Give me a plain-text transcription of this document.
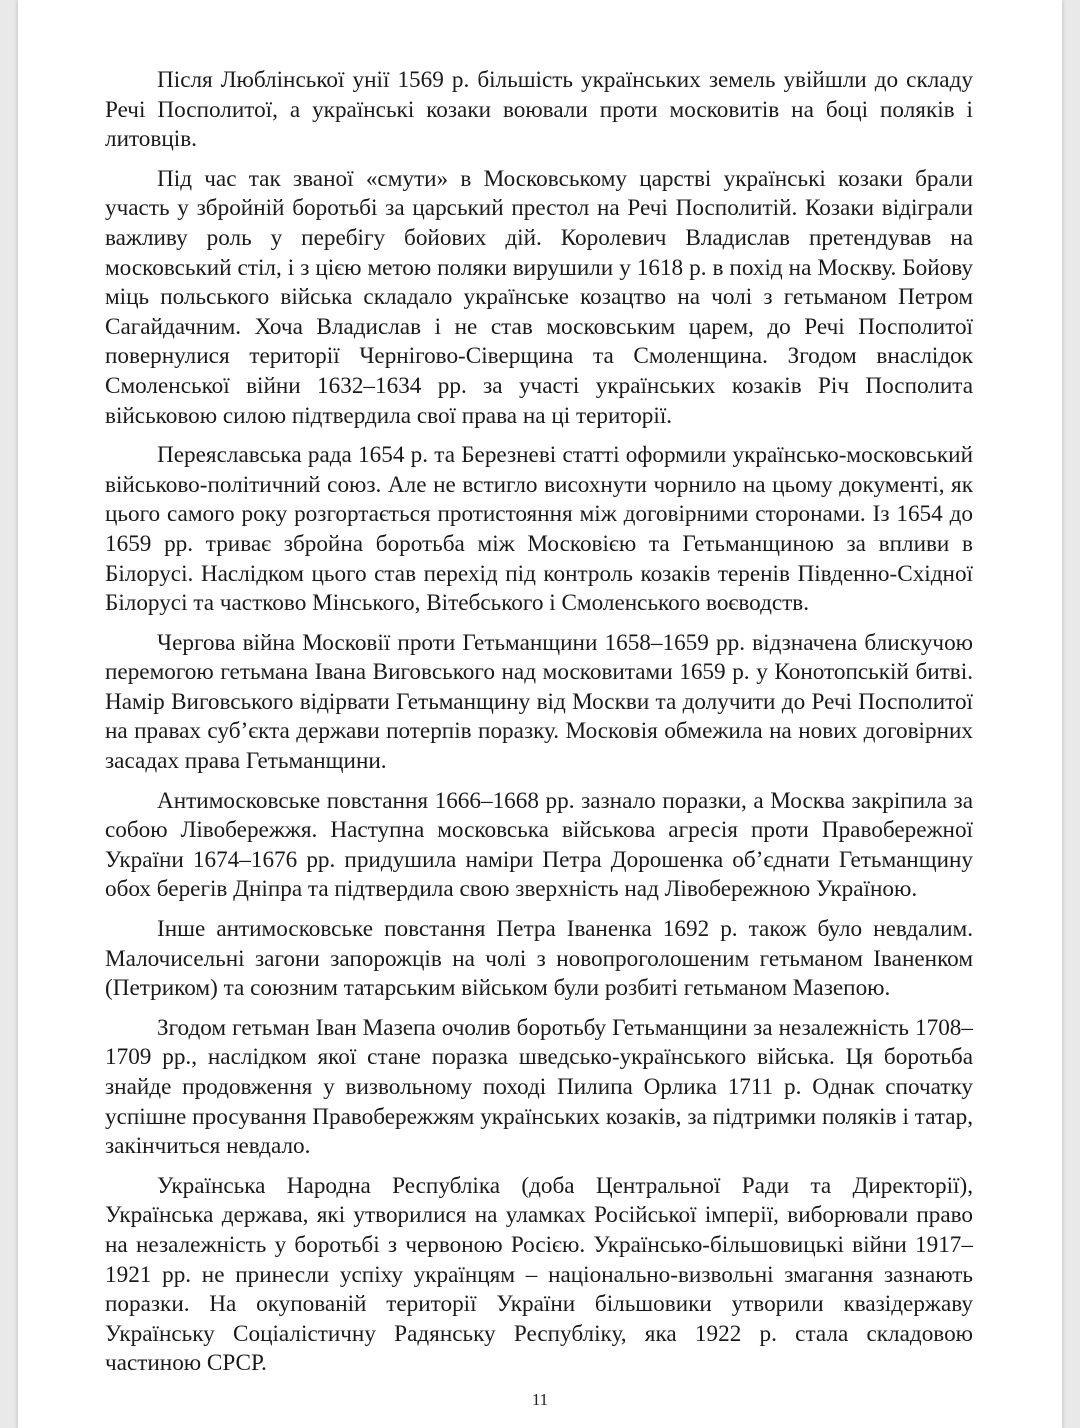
Після Люблінської унії 1569 р. більшість українських земель увійшли до складу Речі Посполитої, а українські козаки воювали проти московитів на боці поляків і литовців.

Під час так званої «смути» в Московському царстві українські козаки брали участь у збройній боротьбі за царський престол на Речі Посполитій. Козаки відіграли важливу роль у перебігу бойових дій. Королевич Владислав претендував на московський стіл, і з цією метою поляки вирушили у 1618 р. в похід на Москву. Бойову міць польського війська складало українське козацтво на чолі з гетьманом Петром Сагайдачним. Хоча Владислав і не став московським царем, до Речі Посполитої повернулися території Чернігово-Сіверщина та Смоленщина. Згодом внаслідок Смоленської війни 1632–1634 рр. за участі українських козаків Річ Посполита військовою силою підтвердила свої права на ці території.

Переяславська рада 1654 р. та Березневі статті оформили українсько-московський військово-політичний союз. Але не встигло висохнути чорнило на цьому документі, як цього самого року розгортається протистояння між договірними сторонами. Із 1654 до 1659 рр. триває збройна боротьба між Московією та Гетьманщиною за впливи в Білорусі. Наслідком цього став перехід під контроль козаків теренів Південно-Східної Білорусі та частково Мінського, Вітебського і Смоленського воєводств.

Чергова війна Московії проти Гетьманщини 1658–1659 рр. відзначена блискучою перемогою гетьмана Івана Виговського над московитами 1659 р. у Конотопській битві. Намір Виговського відірвати Гетьманщину від Москви та долучити до Речі Посполитої на правах суб’єкта держави потерпів поразку. Московія обмежила на нових договірних засадах права Гетьманщини.

Антимосковське повстання 1666–1668 рр. зазнало поразки, а Москва закріпила за собою Лівобережжя. Наступна московська військова агресія проти Правобережної України 1674–1676 рр. придушила наміри Петра Дорошенка об’єднати Гетьманщину обох берегів Дніпра та підтвердила свою зверхність над Лівобережною Україною.

Інше антимосковське повстання Петра Іваненка 1692 р. також було невдалим. Малочисельні загони запорожців на чолі з новопроголошеним гетьманом Іваненком (Петриком) та союзним татарським військом були розбиті гетьманом Мазепою.

Згодом гетьман Іван Мазепа очолив боротьбу Гетьманщини за незалежність 1708–1709 рр., наслідком якої стане поразка шведсько-українського війська. Ця боротьба знайде продовження у визвольному поході Пилипа Орлика 1711 р. Однак спочатку успішне просування Правобережжям українських козаків, за підтримки поляків і татар, закінчиться невдало.

Українська Народна Республіка (доба Центральної Ради та Директорії), Українська держава, які утворилися на уламках Російської імперії, виборювали право на незалежність у боротьбі з червоною Росією. Українсько-більшовицькі війни 1917–1921 рр. не принесли успіху українцям – національно-визвольні змагання зазнають поразки. На окупованій території України більшовики утворили квазідержаву Українську Соціалістичну Радянську Республіку, яка 1922 р. стала складовою частиною СРСР.

11
